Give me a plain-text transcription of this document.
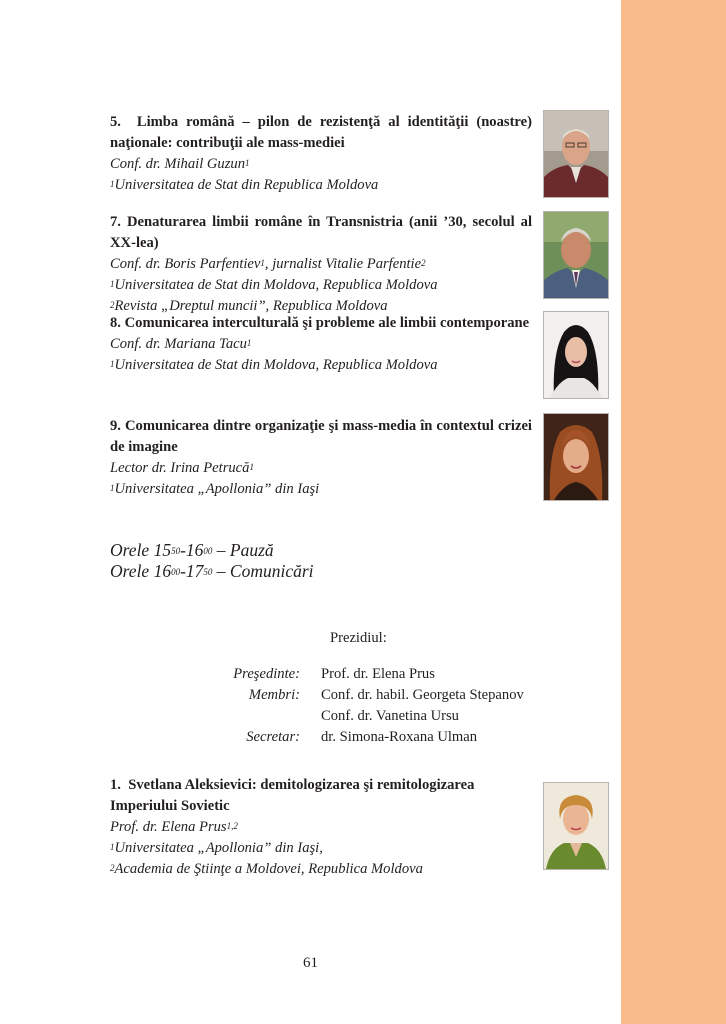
5. Limba română – pilon de rezistenţă al identităţii (noastre) naţionale: contribuţii ale mass-mediei
Conf. dr. Mihail Guzun$^1$
$^1$Universitatea de Stat din Republica Moldova
7. Denaturarea limbii române în Transnistria (anii ’30, secolul al XX-lea)
Conf. dr. Boris Parfentiev$^1$, jurnalist Vitalie Parfentie$^2$
$^1$Universitatea de Stat din Moldova, Republica Moldova
$^2$Revista „Dreptul muncii”, Republica Moldova
8. Comunicarea interculturală şi probleme ale limbii contemporane
Conf. dr. Mariana Tacu$^1$
$^1$Universitatea de Stat din Moldova, Republica Moldova
9. Comunicarea dintre organizaţie şi mass-media în contextul crizei de imagine
Lector dr. Irina Petrucă$^1$
$^1$Universitatea „Apollonia” din Iaşi
Orele $15^{50}-16^{00}$ – Pauză
Orele $16^{00}-17^{50}$ – Comunicări
Prezidiul:
Preşedinte: Prof. dr. Elena Prus
Membri: Conf. dr. habil. Georgeta Stepanov
Conf. dr. Vanetina Ursu
Secretar: dr. Simona-Roxana Ulman
1. Svetlana Aleksievici: demitologizarea şi remitologizarea Imperiului Sovietic
Prof. dr. Elena Prus$^{1,2}$
$^1$Universitatea „Apollonia” din Iaşi,
$^2$Academia de Ştiinţe a Moldovei, Republica Moldova
61
